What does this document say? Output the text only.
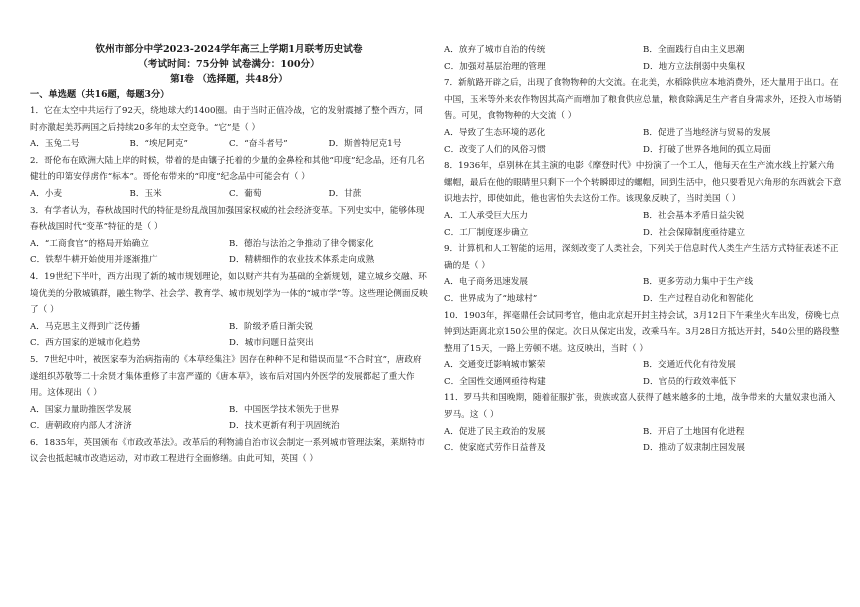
钦州市部分中学2023-2024学年高三上学期1月联考历史试卷
（考试时间：75分钟 试卷满分：100分）
第Ⅰ卷 （选择题，共48分）
一、单选题（共16题，每题3分）

1．它在太空中共运行了92天，绕地球大约1400圈。由于当时正值冷战，它的发射震撼了整个西方，同时亦激起美苏两国之后持续20多年的太空竞争。“它”是（ ）

A．玉兔二号	B．“埃尼阿克”	C．“奋斗者号”	D．斯普特尼克1号

2．哥伦布在欧洲大陆上岸的时候，带着的是由镶子托着的少量的金鼻栓和其他“印度”纪念品，还有几名健壮的印第安俘虏作“标本”。哥伦布带来的“印度”纪念品中可能会有（ ）

A．小麦	B．玉米	C．葡萄	D．甘蔗

3．有学者认为，春秋战国时代的特征是纷乱战国加强国家权威的社会经济变革。下列史实中，能够体现春秋战国时代“变革”特征的是（ ）

A．“工商食官”的格局开始确立	B．德治与法治之争推动了律令儒家化
C．铁犁牛耕开始使用并逐渐推广	D．精耕细作的农业技术体系走向成熟

4．19世纪下半叶，西方出现了新的城市规划理论，如以财产共有为基础的全新规划，建立城乡交融、环境优美的分散城镇群，融生物学、社会学、教育学、城市规划学为一体的“城市学”等。这些理论侧面反映了（ ）

A．马克思主义得到广泛传播	B．阶级矛盾日渐尖锐
C．西方国家的逆城市化趋势	D．城市问题日益突出

5．7世纪中叶，被医家奉为治病指南的《本草经集注》因存在种种不足和错误而显“不合时宜”，唐政府遂组织苏敬等二十余贤才集体重修了丰富严谨的《唐本草》，该布后对国内外医学的发展都起了重大作用。这体现出（ ）

A．国家力量助推医学发展	B．中国医学技术领先于世界
C．唐朝政府内部人才济济	D．技术更新有利于巩固统治

6．1835年，英国颁布《市政改革法》。改革后的利物浦自治市议会制定一系列城市管理法案，莱斯特市议会也抵起城市改造运动，对市政工程进行全面修缮。由此可知，英国（ ）

A．放弃了城市自治的传统	B．全面践行自由主义思潮
C．加强对基层治理的管理	D．地方立法削弱中央集权

7．新航路开辟之后，出现了食物物种的大交流。在北美，水稻除供应本地消费外，还大量用于出口。在中国，玉米等外来农作物因其高产而增加了粮食供应总量，粮食除满足生产者自身需求外，还投入市场销售。可见，食物物种的大交流（ ）

A．导致了生态环境的恶化	B．促进了当地经济与贸易的发展
C．改变了人们的风俗习惯	D．打破了世界各地间的孤立局面

8．1936年，卓别林在其主演的电影《摩登时代》中扮演了一个工人，他每天在生产流水线上拧紧六角螺帽，最后在他的眼睛里只剩下一个个转瞬即过的螺帽，回到生活中，他只要看见六角形的东西就会下意识地去拧，即使如此，他也害怕失去这份工作。该现象反映了，当时美国（ ）

A．工人承受巨大压力	B．社会基本矛盾日益尖锐
C．工厂制度逐步确立	D．社会保障制度亟待建立

9．计算机和人工智能的运用，深刻改变了人类社会，下列关于信息时代人类生产生活方式特征表述不正确的是（ ）

A．电子商务迅速发展	B．更多劳动力集中于生产线
C．世界成为了“地球村”	D．生产过程自动化和智能化

10．1903年，挥毫鼎任会试同考官，他由北京起开封主持会试，3月12日下午乘坐火车出发，傍晚七点钟到达距离北京150公里的保定。次日从保定出发，改乘马车。3月28日方抵达开封，540公里的路段整整用了15天，一路上劳顿不堪。这反映出，当时（ ）

A．交通变迁影响城市繁荣	B．交通近代化有待发展
C．全国性交通网亟待构建	D．官员的行政效率低下

11．罗马共和国晚期，随着征服扩张，贵族或富人获得了越来越多的土地，战争带来的大量奴隶也涌入罗马。这（ ）

A．促进了民主政治的发展	B．开启了土地国有化进程
C．使家庭式劳作日益普及	D．推动了奴隶制庄园发展
